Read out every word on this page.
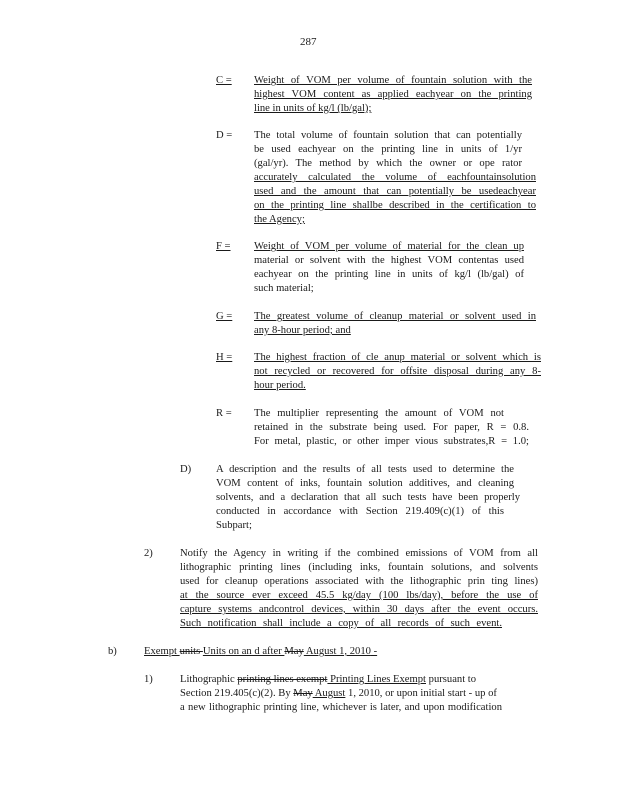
287
C = Weight of VOM per volume of fountain solution with the
highest VOM content as applied eachyear on the printing
line in units of kg/l (lb/gal);
D = The total volume of fountain solution that can potentially
be used eachyear on the printing line in units of 1/yr
(gal/yr). The method by which the owner or ope rator
accurately calculated the volume of eachfountainsolution
used and the amount that can potentially be usedeachyear
on the printing line shallbe described in the certification to
the Agency;
F = Weight of VOM per volume of material for the clean up
material or solvent with the highest VOM contentas used
eachyear on the printing line in units of kg/l (lb/gal) of
such material;
G = The greatest volume of cleanup material or solvent used in
any 8-hour period; and
H = The highest fraction of cle anup material or solvent which is
not recycled or recovered for offsite disposal during any 8-
hour period.
R = The multiplier representing the amount of VOM not
retained in the substrate being used. For paper, R = 0.8.
For metal, plastic, or other imper vious substrates,R = 1.0;
D) A description and the results of all tests used to determine the
VOM content of inks, fountain solution additives, and cleaning
solvents, and a declaration that all such tests have been properly
conducted in accordance with Section 219.409(c)(1) of this
Subpart;
2)	Notify the Agency in writing if the combined emissions of VOM from all
lithographic printing lines (including inks, fountain solutions, and solvents
used for cleanup operations associated with the lithographic prin ting lines)
at the source ever exceed 45.5 kg/day (100 lbs/day), before the use of
capture systems andcontrol devices, within 30 days after the event occurs.
Such notification shall include a copy of all records of such event.
b)	Exempt units Units on an d after May August 1, 2010 -
1)	Lithographic printing lines exempt Printing Lines Exempt pursuant to
Section 219.405(c)(2). By May August 1, 2010, or upon initial start - up of
a new lithographic printing line, whichever is later, and upon modification
